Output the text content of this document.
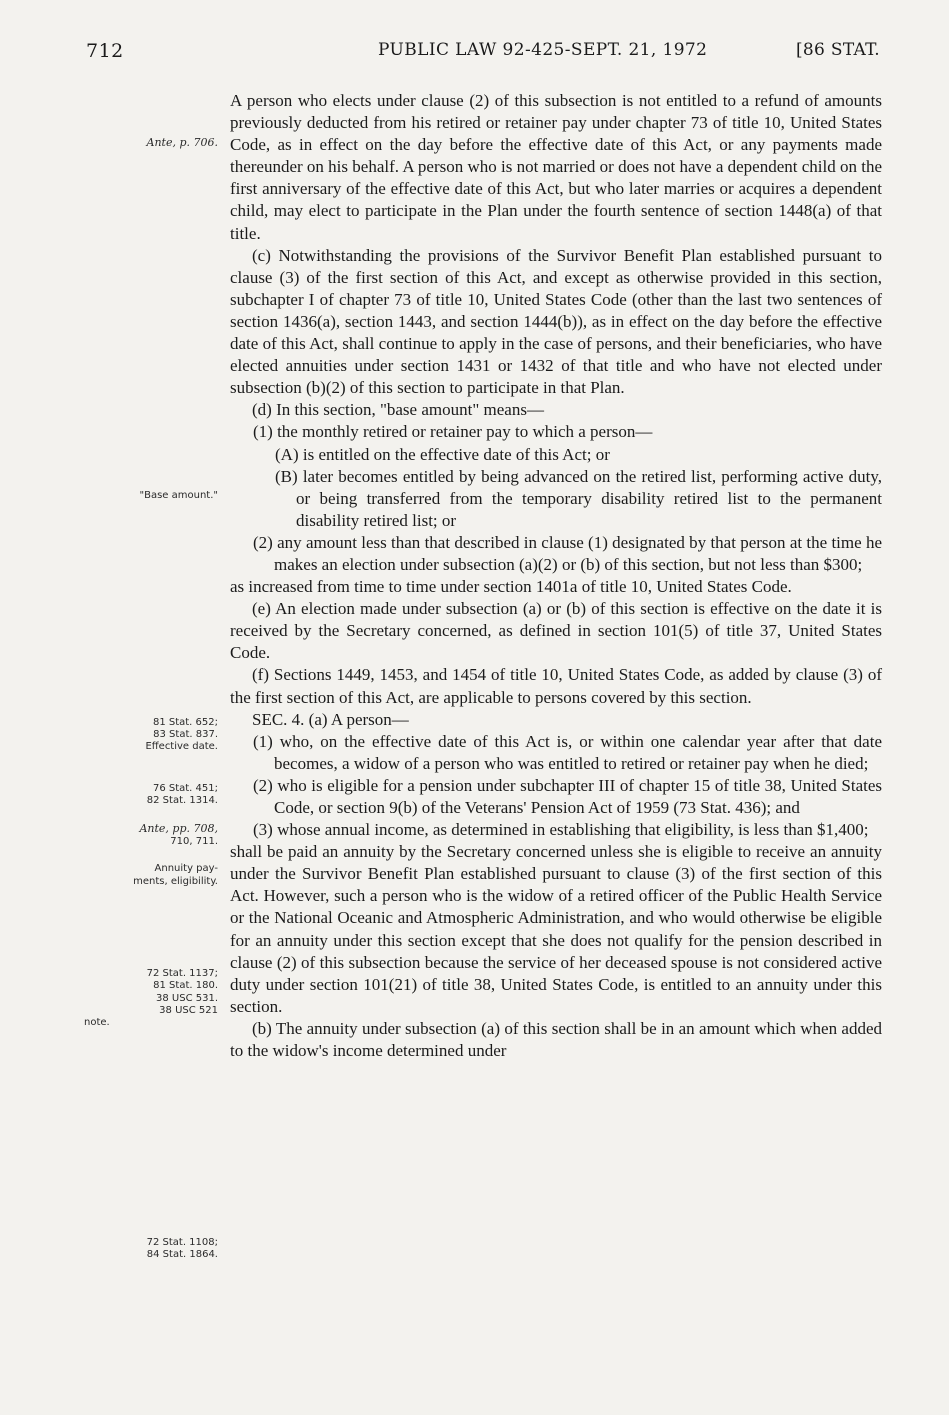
712	PUBLIC LAW 92-425-SEPT. 21, 1972	[86 STAT.
Ante, p. 706.
"Base amount."
81 Stat. 652;
83 Stat. 837.
Effective date.
76 Stat. 451;
82 Stat. 1314.
Ante, pp. 708,
710, 711.
Annuity pay-
ments, eligibility.
72 Stat. 1137;
81 Stat. 180.
38 USC 531.
38 USC 521
note.
72 Stat. 1108;
84 Stat. 1864.

A person who elects under clause (2) of this subsection is not entitled to a refund of amounts previously deducted from his retired or retainer pay under chapter 73 of title 10, United States Code, as in effect on the day before the effective date of this Act, or any payments made thereunder on his behalf. A person who is not married or does not have a dependent child on the first anniversary of the effective date of this Act, but who later marries or acquires a dependent child, may elect to participate in the Plan under the fourth sentence of section 1448(a) of that title.

(c) Notwithstanding the provisions of the Survivor Benefit Plan established pursuant to clause (3) of the first section of this Act, and except as otherwise provided in this section, subchapter I of chapter 73 of title 10, United States Code (other than the last two sentences of section 1436(a), section 1443, and section 1444(b)), as in effect on the day before the effective date of this Act, shall continue to apply in the case of persons, and their beneficiaries, who have elected annuities under section 1431 or 1432 of that title and who have not elected under subsection (b)(2) of this section to participate in that Plan.

(d) In this section, "base amount" means—

(1) the monthly retired or retainer pay to which a person—

(A) is entitled on the effective date of this Act; or

(B) later becomes entitled by being advanced on the retired list, performing active duty, or being transferred from the temporary disability retired list to the permanent disability retired list; or

(2) any amount less than that described in clause (1) designated by that person at the time he makes an election under subsection (a)(2) or (b) of this section, but not less than $300;

as increased from time to time under section 1401a of title 10, United States Code.

(e) An election made under subsection (a) or (b) of this section is effective on the date it is received by the Secretary concerned, as defined in section 101(5) of title 37, United States Code.

(f) Sections 1449, 1453, and 1454 of title 10, United States Code, as added by clause (3) of the first section of this Act, are applicable to persons covered by this section.

SEC. 4. (a) A person—

(1) who, on the effective date of this Act is, or within one calendar year after that date becomes, a widow of a person who was entitled to retired or retainer pay when he died;

(2) who is eligible for a pension under subchapter III of chapter 15 of title 38, United States Code, or section 9(b) of the Veterans' Pension Act of 1959 (73 Stat. 436); and

(3) whose annual income, as determined in establishing that eligibility, is less than $1,400;

shall be paid an annuity by the Secretary concerned unless she is eligible to receive an annuity under the Survivor Benefit Plan established pursuant to clause (3) of the first section of this Act. However, such a person who is the widow of a retired officer of the Public Health Service or the National Oceanic and Atmospheric Administration, and who would otherwise be eligible for an annuity under this section except that she does not qualify for the pension described in clause (2) of this subsection because the service of her deceased spouse is not considered active duty under section 101(21) of title 38, United States Code, is entitled to an annuity under this section.

(b) The annuity under subsection (a) of this section shall be in an amount which when added to the widow's income determined under
